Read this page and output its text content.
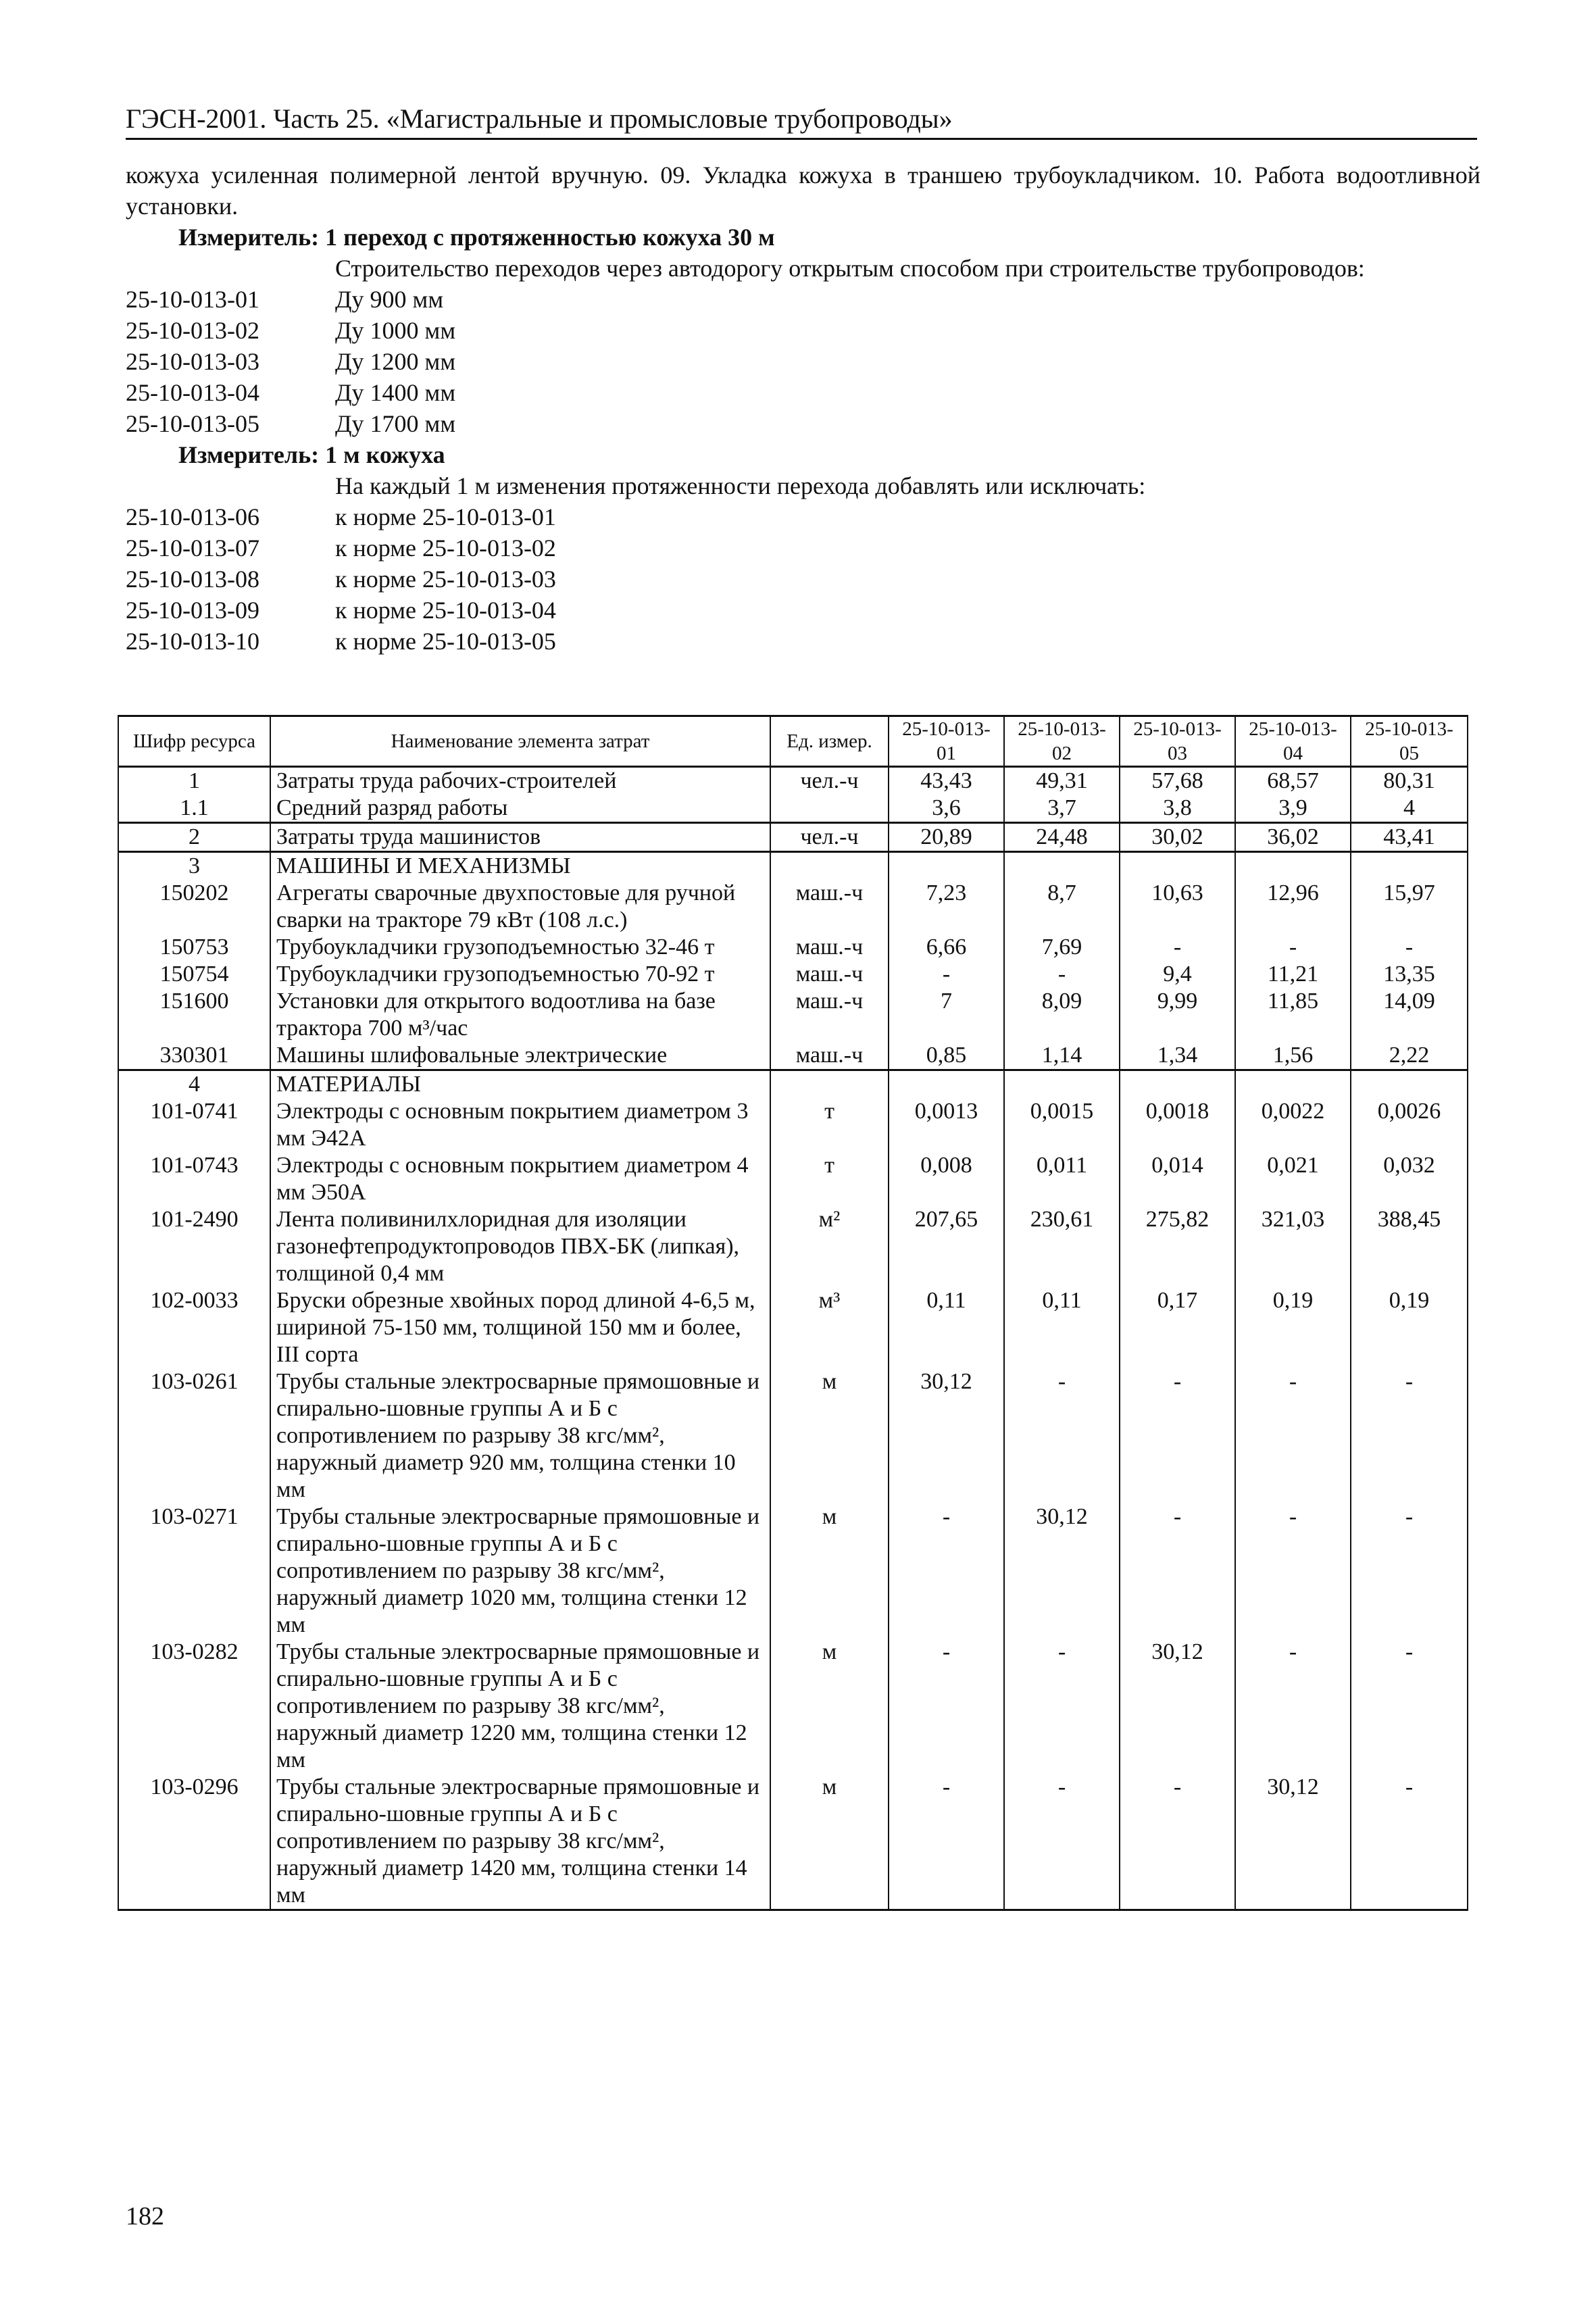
ГЭСН-2001. Часть 25. «Магистральные и промысловые трубопроводы»
кожуха усиленная полимерной лентой вручную. 09. Укладка кожуха в траншею трубоукладчиком. 10. Работа водоотливной установки.
Измеритель: 1 переход с протяженностью кожуха 30 м
Строительство переходов через автодорогу открытым способом при строительстве трубопроводов:
25-10-013-01	Ду 900 мм
25-10-013-02	Ду 1000 мм
25-10-013-03	Ду 1200 мм
25-10-013-04	Ду 1400 мм
25-10-013-05	Ду 1700 мм
Измеритель: 1 м кожуха
На каждый 1 м изменения протяженности перехода добавлять или исключать:
25-10-013-06	к норме 25-10-013-01
25-10-013-07	к норме 25-10-013-02
25-10-013-08	к норме 25-10-013-03
25-10-013-09	к норме 25-10-013-04
25-10-013-10	к норме 25-10-013-05
Шифр ресурса	Наименование элемента затрат	Ед. измер.	25-10-013-01	25-10-013-02	25-10-013-03	25-10-013-04	25-10-013-05
1	Затраты труда рабочих-строителей	чел.-ч	43,43	49,31	57,68	68,57	80,31
1.1	Средний разряд работы		3,6	3,7	3,8	3,9	4
2	Затраты труда машинистов	чел.-ч	20,89	24,48	30,02	36,02	43,41
3	МАШИНЫ И МЕХАНИЗМЫ						
150202	Агрегаты сварочные двухпостовые для ручной сварки на тракторе 79 кВт (108 л.с.)	маш.-ч	7,23	8,7	10,63	12,96	15,97
150753	Трубоукладчики грузоподъемностью 32-46 т	маш.-ч	6,66	7,69	-	-	-
150754	Трубоукладчики грузоподъемностью 70-92 т	маш.-ч	-	-	9,4	11,21	13,35
151600	Установки для открытого водоотлива на базе трактора 700 м³/час	маш.-ч	7	8,09	9,99	11,85	14,09
330301	Машины шлифовальные электрические	маш.-ч	0,85	1,14	1,34	1,56	2,22
4	МАТЕРИАЛЫ						
101-0741	Электроды с основным покрытием диаметром 3 мм Э42А	т	0,0013	0,0015	0,0018	0,0022	0,0026
101-0743	Электроды с основным покрытием диаметром 4 мм Э50А	т	0,008	0,011	0,014	0,021	0,032
101-2490	Лента поливинилхлоридная для изоляции газонефтепродуктопроводов ПВХ-БК (липкая), толщиной 0,4 мм	м²	207,65	230,61	275,82	321,03	388,45
102-0033	Бруски обрезные хвойных пород длиной 4-6,5 м, шириной 75-150 мм, толщиной 150 мм и более, III сорта	м³	0,11	0,11	0,17	0,19	0,19
103-0261	Трубы стальные электросварные прямошовные и спирально-шовные группы А и Б с сопротивлением по разрыву 38 кгс/мм², наружный диаметр 920 мм, толщина стенки 10 мм	м	30,12	-	-	-	-
103-0271	Трубы стальные электросварные прямошовные и спирально-шовные группы А и Б с сопротивлением по разрыву 38 кгс/мм², наружный диаметр 1020 мм, толщина стенки 12 мм	м	-	30,12	-	-	-
103-0282	Трубы стальные электросварные прямошовные и спирально-шовные группы А и Б с сопротивлением по разрыву 38 кгс/мм², наружный диаметр 1220 мм, толщина стенки 12 мм	м	-	-	30,12	-	-
103-0296	Трубы стальные электросварные прямошовные и спирально-шовные группы А и Б с сопротивлением по разрыву 38 кгс/мм², наружный диаметр 1420 мм, толщина стенки 14 мм	м	-	-	-	30,12	-
182
